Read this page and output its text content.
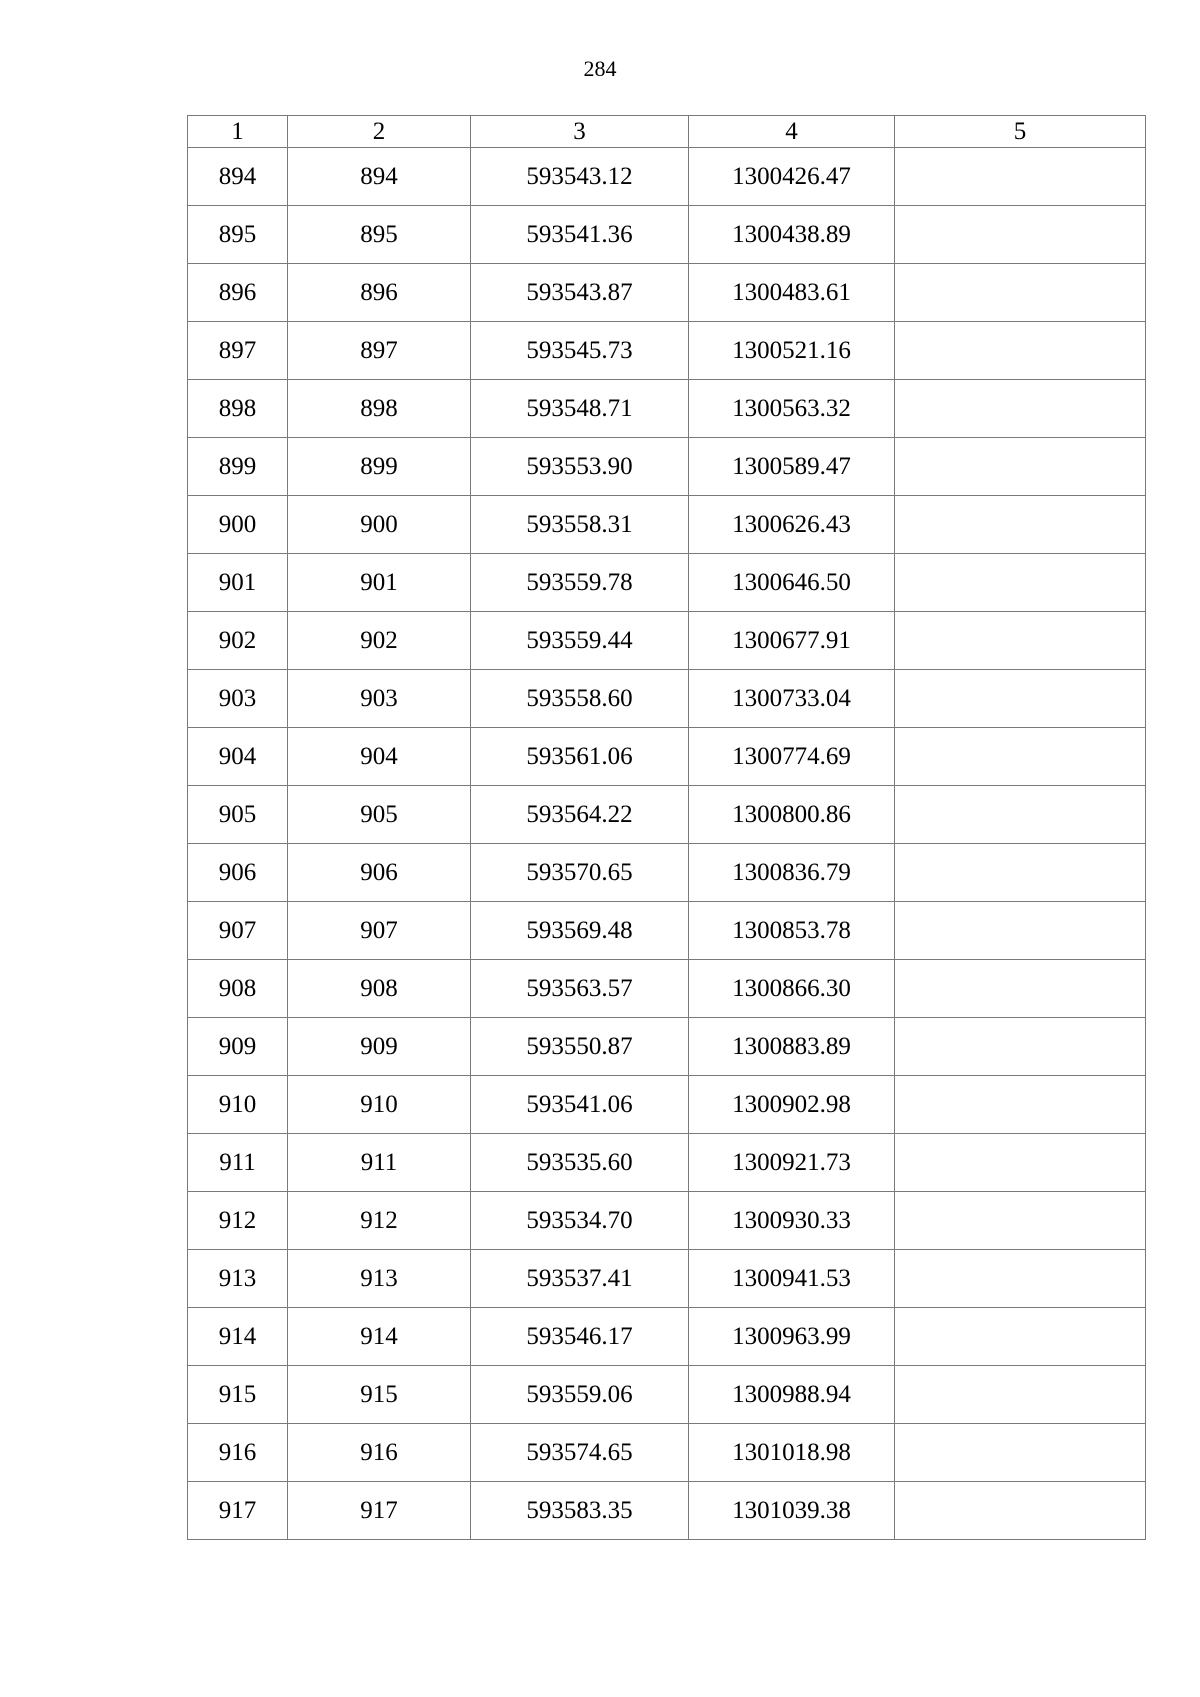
284
1	2	3	4	5
894	894	593543.12	1300426.47	
895	895	593541.36	1300438.89	
896	896	593543.87	1300483.61	
897	897	593545.73	1300521.16	
898	898	593548.71	1300563.32	
899	899	593553.90	1300589.47	
900	900	593558.31	1300626.43	
901	901	593559.78	1300646.50	
902	902	593559.44	1300677.91	
903	903	593558.60	1300733.04	
904	904	593561.06	1300774.69	
905	905	593564.22	1300800.86	
906	906	593570.65	1300836.79	
907	907	593569.48	1300853.78	
908	908	593563.57	1300866.30	
909	909	593550.87	1300883.89	
910	910	593541.06	1300902.98	
911	911	593535.60	1300921.73	
912	912	593534.70	1300930.33	
913	913	593537.41	1300941.53	
914	914	593546.17	1300963.99	
915	915	593559.06	1300988.94	
916	916	593574.65	1301018.98	
917	917	593583.35	1301039.38	
